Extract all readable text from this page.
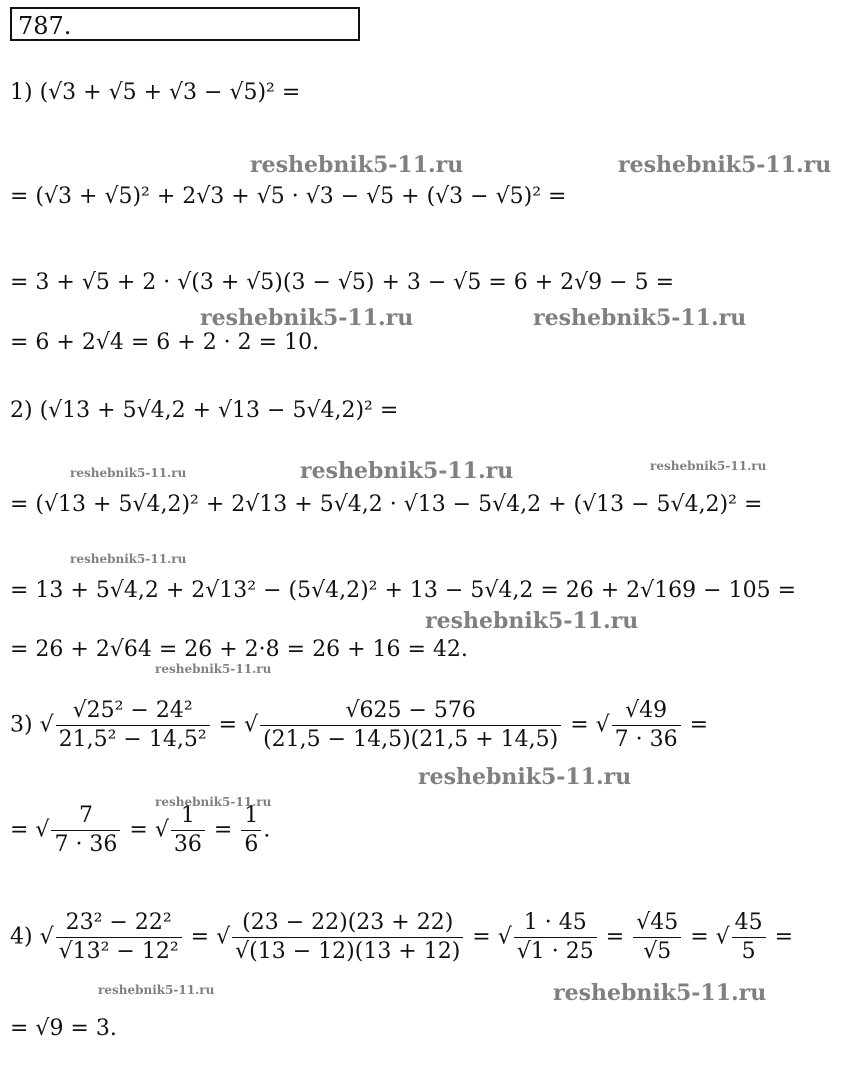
787.
1) (√3 + √5 + √3 − √5)² =
= (√3 + √5)² + 2√3 + √5 · √3 − √5 + (√3 − √5)² =
= 3 + √5 + 2 · √(3 + √5)(3 − √5) + 3 − √5 = 6 + 2√9 − 5 =
= 6 + 2√4 = 6 + 2 · 2 = 10.
2) (√13 + 5√4,2 + √13 − 5√4,2)² =
= (√13 + 5√4,2)² + 2√13 + 5√4,2 · √13 − 5√4,2 + (√13 − 5√4,2)² =
= 13 + 5√4,2 + 2√13² − (5√4,2)² + 13 − 5√4,2 = 26 + 2√169 − 105 =
= 26 + 2√64 = 26 + 2·8 = 26 + 16 = 42.
3) √ $\frac{\text{√25² − 24²}}{\text{21,5² − 14,5²}}$ = √ $\frac{√625 - 576}{(21,5 - 14,5)(21,5 + 14,5)}$ = √ $\frac{√49}{7 \cdot 36}$ =
= √ $\frac{7}{7 \cdot 36}$ = √ $\frac{1}{36} = \frac{1}{6}$ .
4) √ $\frac{\text{23² − 22²}}{\text{√13² − 12²}}$ = √ $\frac{(23 - 22)(23 + 22)}{√(13 - 12)(13 + 12)}$ = √ $\frac{1 \cdot 45}{√1 \cdot 25} = \frac{√45}{√5}$ = √ $\frac{45}{5}$ =
= √9 = 3.
reshebnik5-11.ru	reshebnik5-11.ru
reshebnik5-11.ru	reshebnik5-11.ru
reshebnik5-11.ru	reshebnik5-11.ru	reshebnik5-11.ru
reshebnik5-11.ru
reshebnik5-11.ru
reshebnik5-11.ru
reshebnik5-11.ru
reshebnik5-11.ru
reshebnik5-11.ru	reshebnik5-11.ru
